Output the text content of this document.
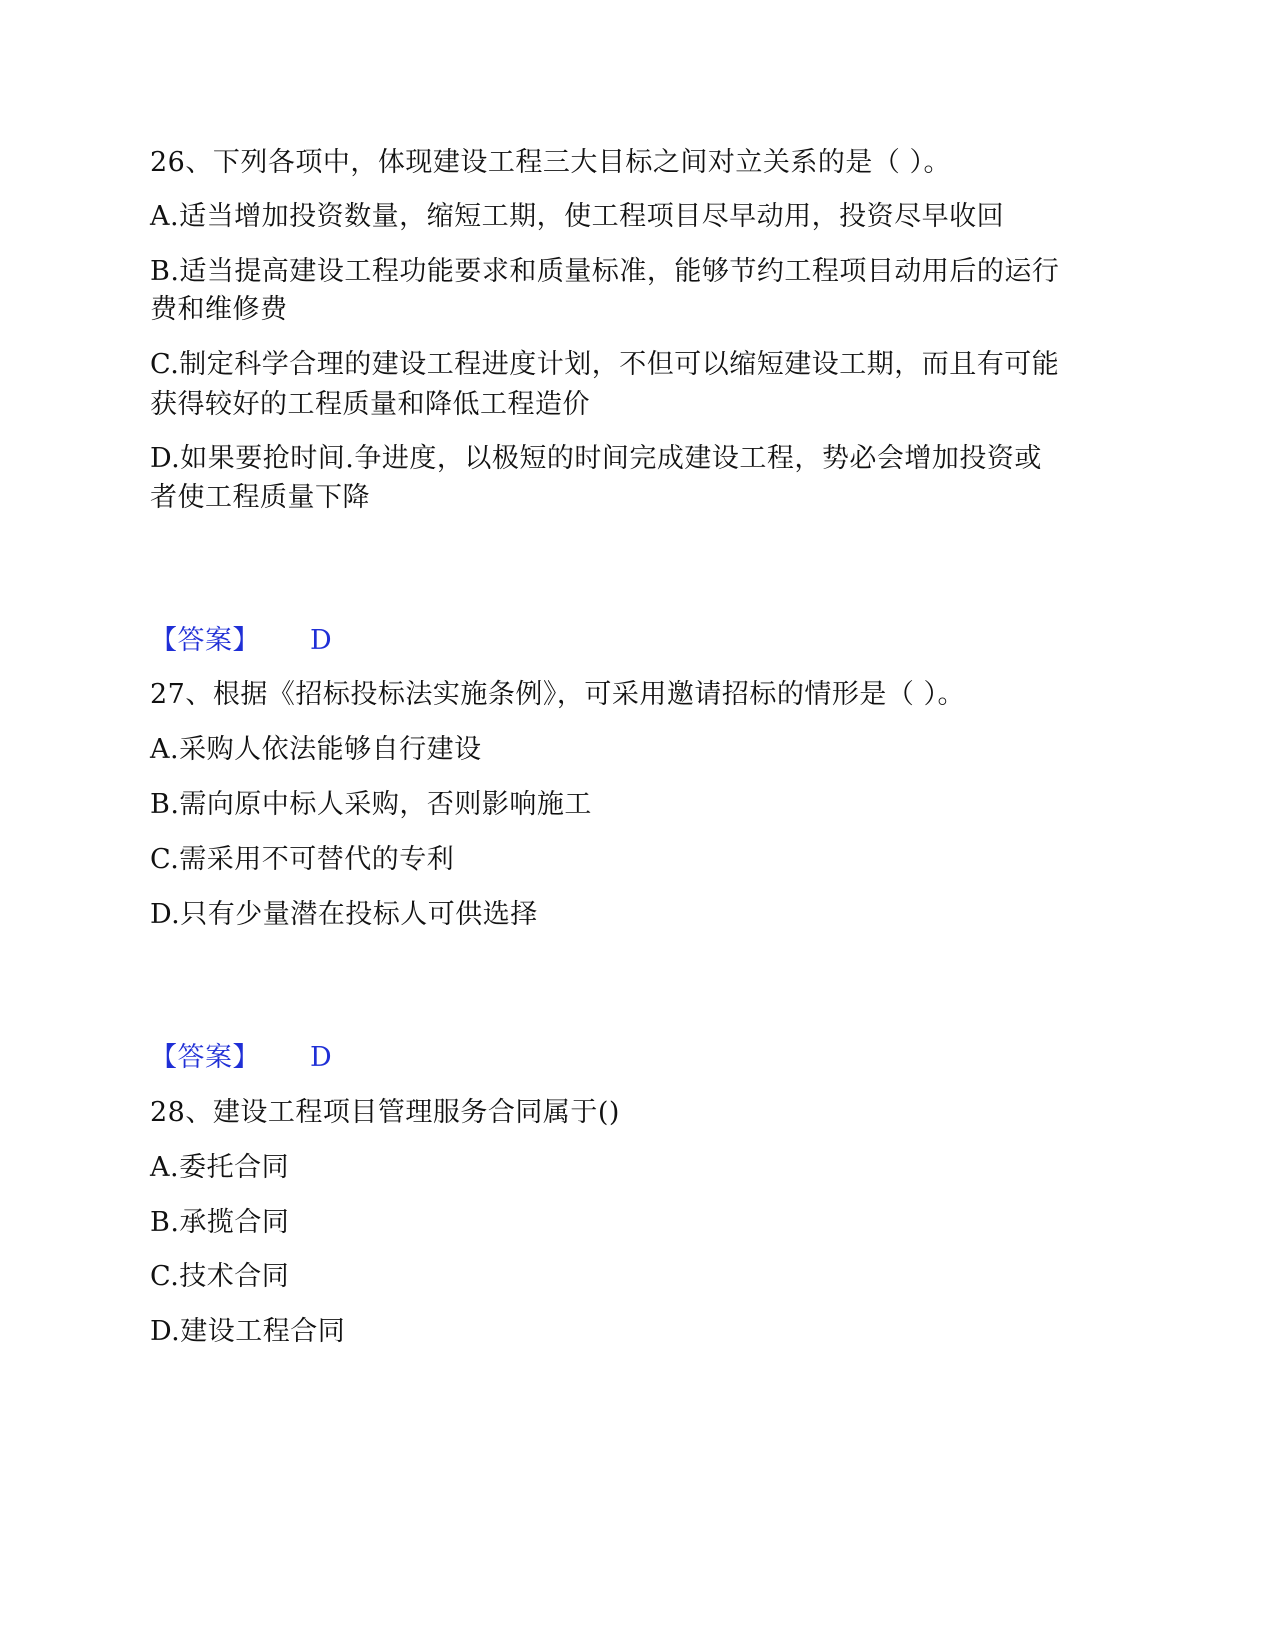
26、下列各项中，体现建设工程三大目标之间对立关系的是（ ）。
A.适当增加投资数量，缩短工期，使工程项目尽早动用，投资尽早收回
B.适当提高建设工程功能要求和质量标准，能够节约工程项目动用后的运行
费和维修费
C.制定科学合理的建设工程进度计划，不但可以缩短建设工期，而且有可能
获得较好的工程质量和降低工程造价
D.如果要抢时间.争进度，以极短的时间完成建设工程，势必会增加投资或
者使工程质量下降
【答案】 D
27、根据《招标投标法实施条例》，可采用邀请招标的情形是（ ）。
A.采购人依法能够自行建设
B.需向原中标人采购，否则影响施工
C.需采用不可替代的专利
D.只有少量潜在投标人可供选择
【答案】 D
28、建设工程项目管理服务合同属于()
A.委托合同
B.承揽合同
C.技术合同
D.建设工程合同
